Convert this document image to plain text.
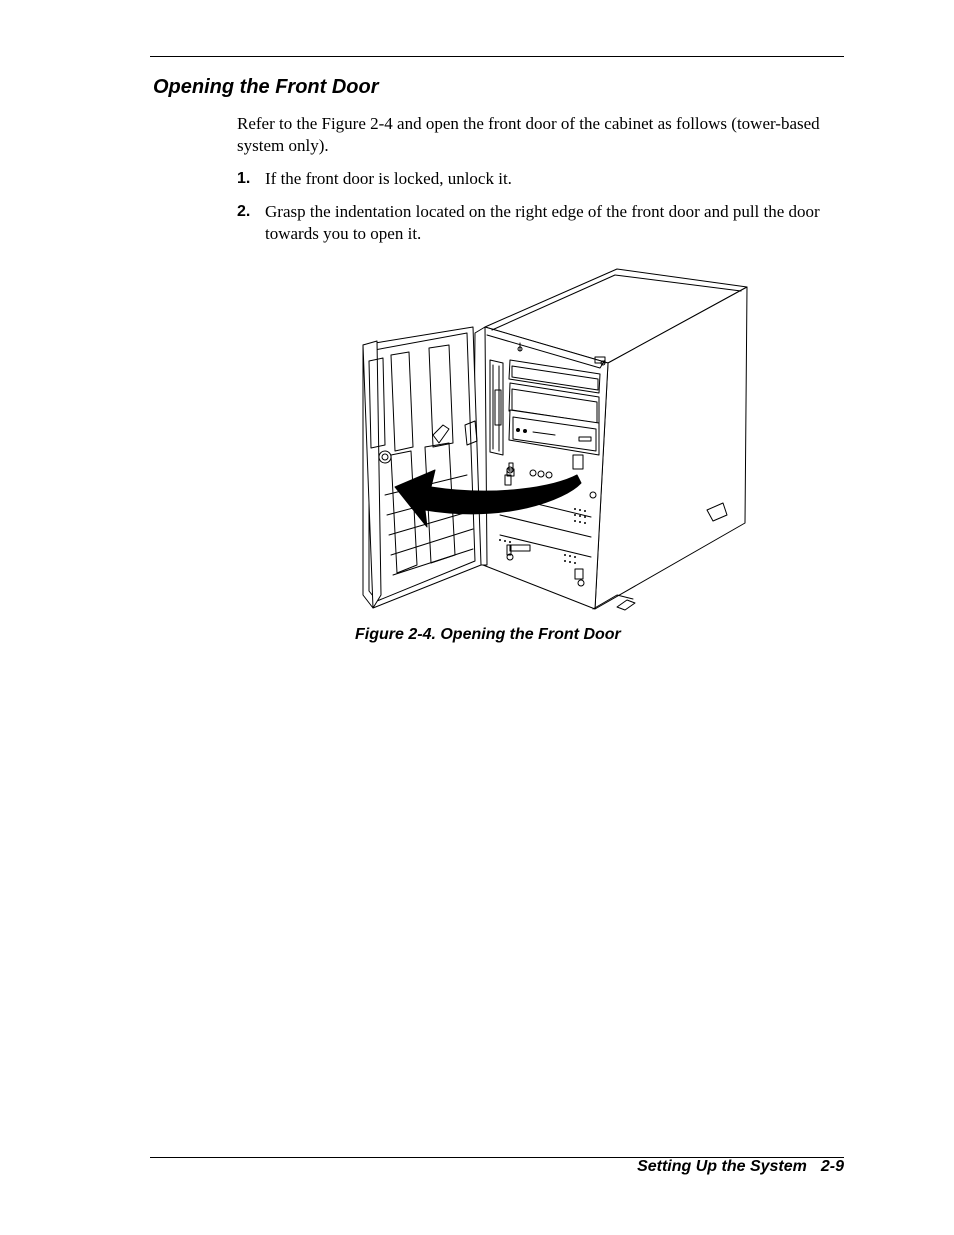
Opening the Front Door

Refer to the Figure 2-4 and open the front door of the cabinet as follows (tower-based system only).

1. If the front door is locked, unlock it.
2. Grasp the indentation located on the right edge of the front door and pull the door towards you to open it.

Figure 2-4. Opening the Front Door

Setting Up the System 2-9
